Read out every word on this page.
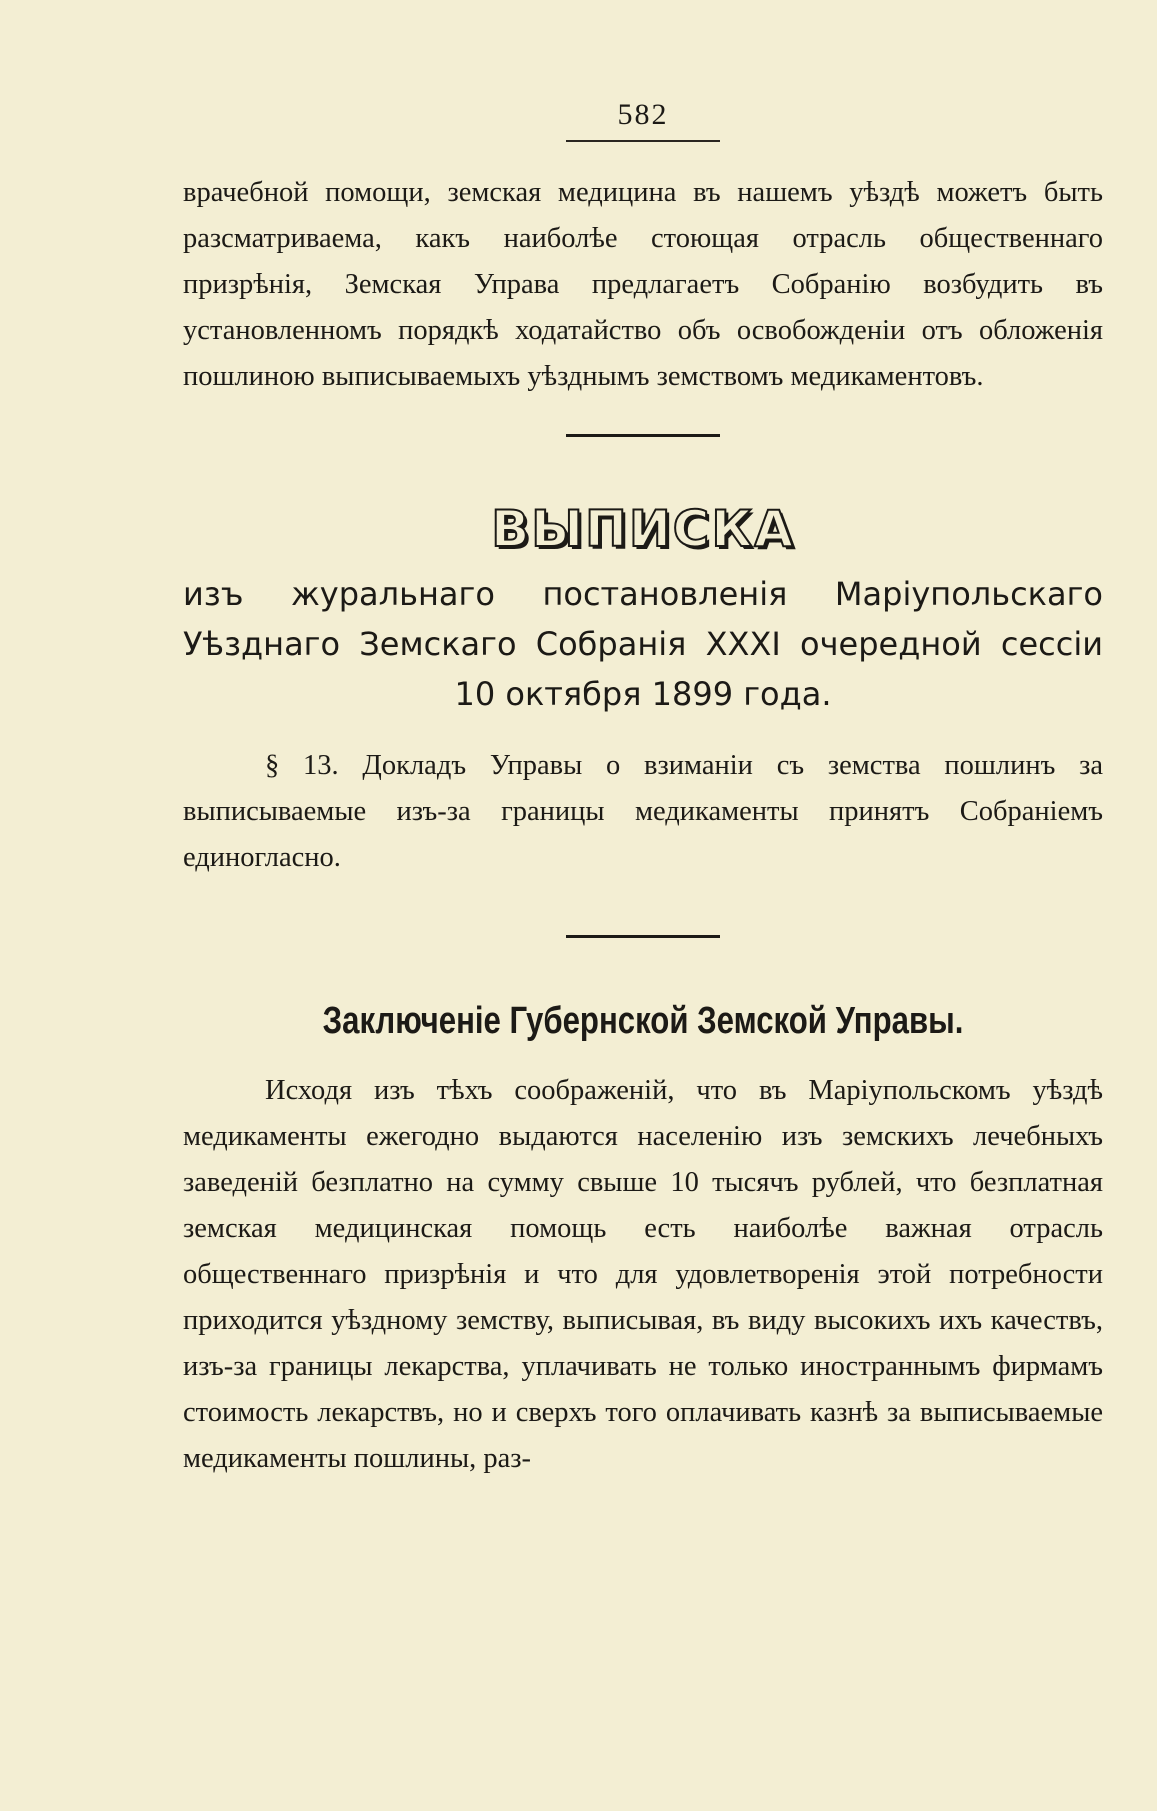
582

врачебной помощи, земская медицина въ нашемъ уѣздѣ можетъ быть разсматриваема, какъ наиболѣе стоющая отрасль общественнаго призрѣнія, Земская Управа предлагаетъ Собранію возбудить въ установленномъ порядкѣ ходатайство объ освобожденіи отъ обложенія пошлиною выписываемыхъ уѣзднымъ земствомъ медикаментовъ.

ВЫПИСКА

изъ журальнаго постановленія Маріупольскаго Уѣзднаго Земскаго Собранія XXXI очередной сессіи 10 октября 1899 года.

§ 13. Докладъ Управы о взиманіи съ земства пошлинъ за выписываемые изъ-за границы медикаменты принятъ Собраніемъ единогласно.

Заключеніе Губернской Земской Управы.

Исходя изъ тѣхъ соображеній, что въ Маріупольскомъ уѣздѣ медикаменты ежегодно выдаются населенію изъ земскихъ лечебныхъ заведеній безплатно на сумму свыше 10 тысячъ рублей, что безплатная земская медицинская помощь есть наиболѣе важная отрасль общественнаго призрѣнія и что для удовлетворенія этой потребности приходится уѣздному земству, выписывая, въ виду высокихъ ихъ качествъ, изъ-за границы лекарства, уплачивать не только иностраннымъ фирмамъ стоимость лекарствъ, но и сверхъ того оплачивать казнѣ за выписываемые медикаменты пошлины, раз-
